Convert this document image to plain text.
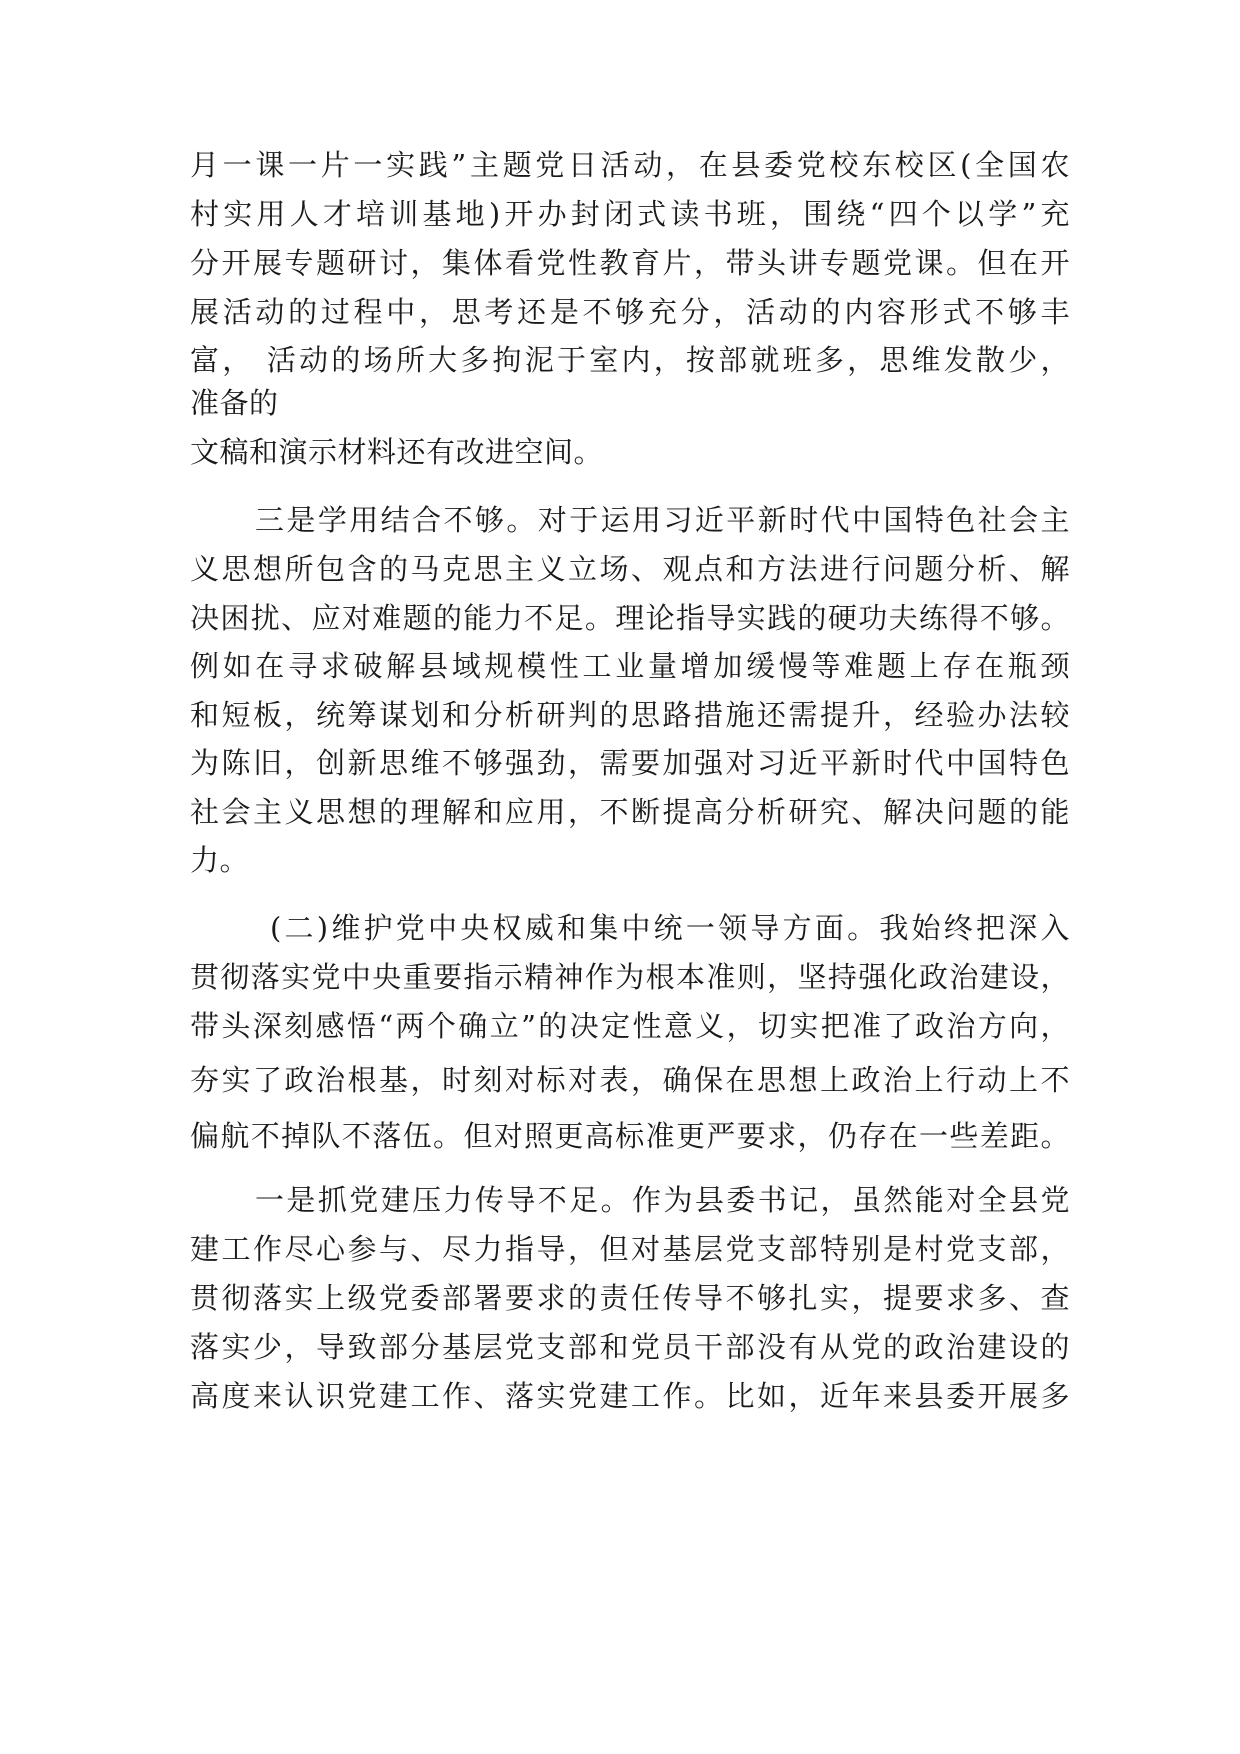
月一课一片一实践”主题党日活动，在县委党校东校区(全国农
村实用人才培训基地)开办封闭式读书班，围绕“四个以学”充
分开展专题研讨，集体看党性教育片，带头讲专题党课。但在开
展活动的过程中，思考还是不够充分，活动的内容形式不够丰
富， 活动的场所大多拘泥于室内，按部就班多，思维发散少，
准备的
文稿和演示材料还有改进空间。
三是学用结合不够。对于运用习近平新时代中国特色社会主
义思想所包含的马克思主义立场、观点和方法进行问题分析、解
决困扰、应对难题的能力不足。理论指导实践的硬功夫练得不够。
例如在寻求破解县域规模性工业量增加缓慢等难题上存在瓶颈
和短板，统筹谋划和分析研判的思路措施还需提升，经验办法较
为陈旧，创新思维不够强劲，需要加强对习近平新时代中国特色
社会主义思想的理解和应用，不断提高分析研究、解决问题的能
力。
(二)维护党中央权威和集中统一领导方面。我始终把深入
贯彻落实党中央重要指示精神作为根本准则，坚持强化政治建设，
带头深刻感悟“两个确立”的决定性意义，切实把准了政治方向，
夯实了政治根基，时刻对标对表，确保在思想上政治上行动上不
偏航不掉队不落伍。但对照更高标准更严要求，仍存在一些差距。
一是抓党建压力传导不足。作为县委书记，虽然能对全县党
建工作尽心参与、尽力指导，但对基层党支部特别是村党支部，
贯彻落实上级党委部署要求的责任传导不够扎实，提要求多、查
落实少，导致部分基层党支部和党员干部没有从党的政治建设的
高度来认识党建工作、落实党建工作。比如，近年来县委开展多
